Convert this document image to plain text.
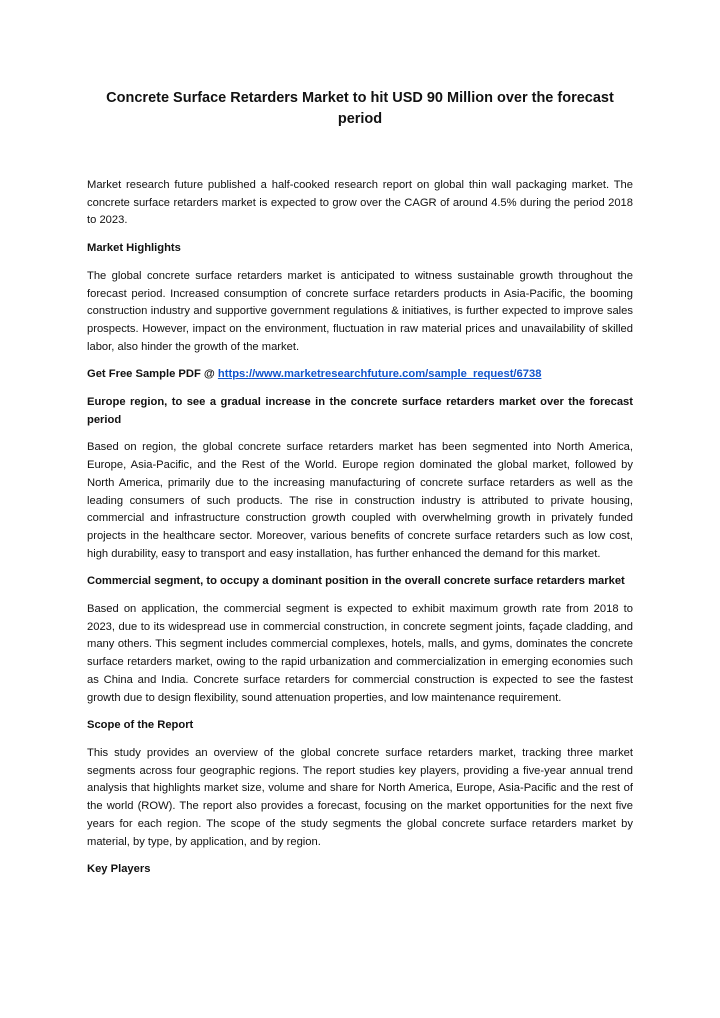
Concrete Surface Retarders Market to hit USD 90 Million over the forecast period

Market research future published a half-cooked research report on global thin wall packaging market. The concrete surface retarders market is expected to grow over the CAGR of around 4.5% during the period 2018 to 2023.

Market Highlights

The global concrete surface retarders market is anticipated to witness sustainable growth throughout the forecast period. Increased consumption of concrete surface retarders products in Asia-Pacific, the booming construction industry and supportive government regulations & initiatives, is further expected to improve sales prospects. However, impact on the environment, fluctuation in raw material prices and unavailability of skilled labor, also hinder the growth of the market.

Get Free Sample PDF @ https://www.marketresearchfuture.com/sample_request/6738

Europe region, to see a gradual increase in the concrete surface retarders market over the forecast period

Based on region, the global concrete surface retarders market has been segmented into North America, Europe, Asia-Pacific, and the Rest of the World. Europe region dominated the global market, followed by North America, primarily due to the increasing manufacturing of concrete surface retarders as well as the leading consumers of such products. The rise in construction industry is attributed to private housing, commercial and infrastructure construction growth coupled with overwhelming growth in privately funded projects in the healthcare sector. Moreover, various benefits of concrete surface retarders such as low cost, high durability, easy to transport and easy installation, has further enhanced the demand for this market.

Commercial segment, to occupy a dominant position in the overall concrete surface retarders market

Based on application, the commercial segment is expected to exhibit maximum growth rate from 2018 to 2023, due to its widespread use in commercial construction, in concrete segment joints, façade cladding, and many others. This segment includes commercial complexes, hotels, malls, and gyms, dominates the concrete surface retarders market, owing to the rapid urbanization and commercialization in emerging economies such as China and India. Concrete surface retarders for commercial construction is expected to see the fastest growth due to design flexibility, sound attenuation properties, and low maintenance requirement.

Scope of the Report

This study provides an overview of the global concrete surface retarders market, tracking three market segments across four geographic regions. The report studies key players, providing a five-year annual trend analysis that highlights market size, volume and share for North America, Europe, Asia-Pacific and the rest of the world (ROW). The report also provides a forecast, focusing on the market opportunities for the next five years for each region. The scope of the study segments the global concrete surface retarders market by material, by type, by application, and by region.

Key Players
